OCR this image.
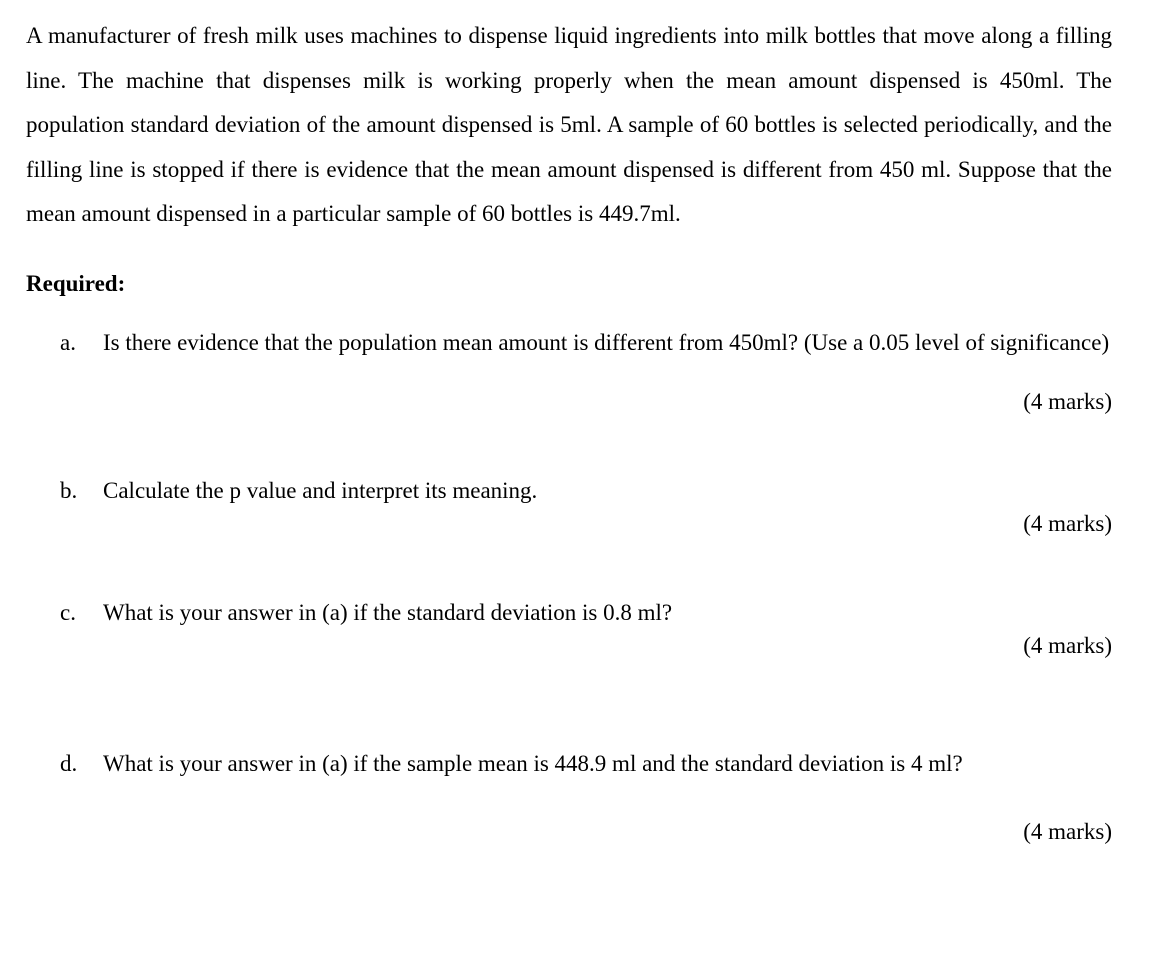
A manufacturer of fresh milk uses machines to dispense liquid ingredients into milk bottles that move along a filling line. The machine that dispenses milk is working properly when the mean amount dispensed is 450ml. The population standard deviation of the amount dispensed is 5ml. A sample of 60 bottles is selected periodically, and the filling line is stopped if there is evidence that the mean amount dispensed is different from 450 ml. Suppose that the mean amount dispensed in a particular sample of 60 bottles is 449.7ml.

Required:
a.	Is there evidence that the population mean amount is different from 450ml? (Use a 0.05 level of significance)
(4 marks)
b.	Calculate the p value and interpret its meaning.
(4 marks)
c.	What is your answer in (a) if the standard deviation is 0.8 ml?
(4 marks)
d.	What is your answer in (a) if the sample mean is 448.9 ml and the standard deviation is 4 ml?
(4 marks)
